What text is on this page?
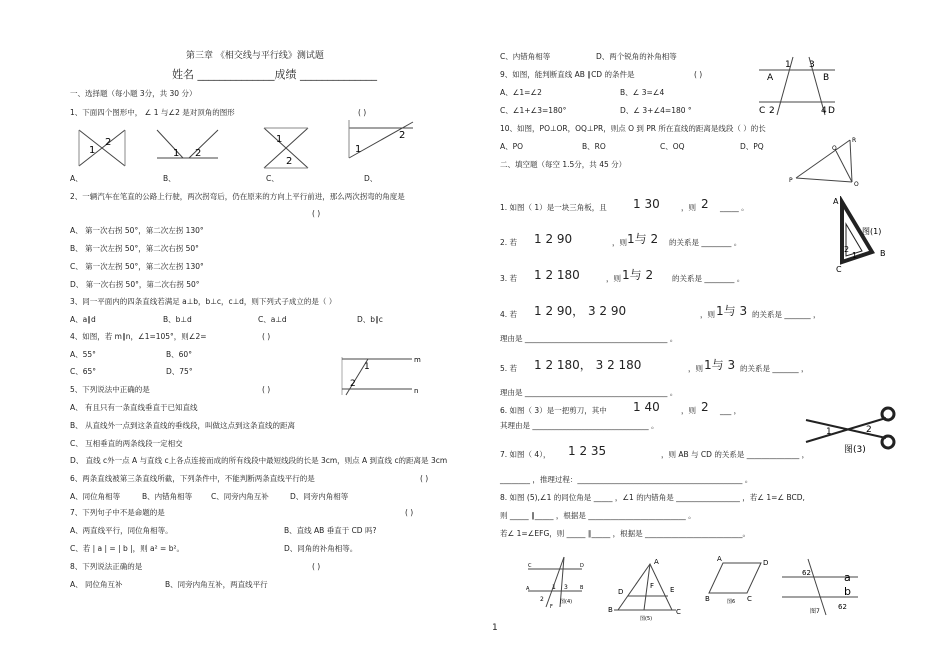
第三章 《相交线与平行线》测试题
姓名 ______________成绩 ______________
一、选择题（每小题 3分，共 30 分）
1、下面四个图形中， ∠ 1 与∠2 是对顶角的图形	( )
1
2
1 2
1
2
2
1
A、	B、	C、	D、
2、一辆汽车在笔直的公路上行驶，两次拐弯后，仍在原来的方向上平行前进，那么两次拐弯的角度是
( )
A、 第一次右拐 50°，第二次左拐 130°
B、 第一次左拐 50°，第二次右拐 50°
C、 第一次左拐 50°，第二次左拐 130°
D、 第一次右拐 50°，第二次右拐 50°
3、同一平面内的四条直线若满足 a⊥b，b⊥c，c⊥d，则下列式子成立的是（ ）
A、a∥d	B、b⊥d	C、a⊥d	D、b∥c
4、如图，若 m∥n，∠1=105°，则∠2=	( )
A、55°	B、60°
C、65°	D、75°	1
2
m
n
5、下列说法中正确的是	( )
A、 有且只有一条直线垂直于已知直线
B、 从直线外一点到这条直线的垂线段，叫做这点到这条直线的距离
C、 互相垂直的两条线段一定相交
D、 直线 c外一点 A 与直线 c上各点连接而成的所有线段中最短线段的长是 3cm，则点 A 到直线 c的距离是 3cm
6、两条直线被第三条直线所截，下列条件中，不能判断两条直线平行的是	( )
A、同位角相等	B、内错角相等	C、同旁内角互补	D、同旁内角相等
7、下列句子中不是命题的是	( )
A、两直线平行，同位角相等。	B、直线 AB 垂直于 CD 吗?
C、若 | a | = | b |，则 a² = b²。	D、同角的补角相等。
8、下列说法正确的是	( )
A、 同位角互补	B、同旁内角互补，两直线平行
C、内错角相等	D、两个锐角的补角相等
9、如图，能判断直线 AB ∥CD 的条件是	( )
A、∠1=∠2	B、∠ 3=∠4
C、∠1+∠3=180°	D、∠ 3+∠4=180 °
A
1 3
B
C 2	4 D
10、如图，PO⊥OR，OQ⊥PR，则点 O 到 PR 所在直线的距离是线段（ ）的长
A、PO	B、RO	C、OQ	D、PQ
R
Q
P
O
二、填空题（每空 1.5分，共 45 分）
1. 如图（ 1）是一块三角板，且 1 30	，则 2 _____ 。
A
图(1)
2
1	B
C
2. 若 1 2 90	，则 1与 2 的关系是 ________ 。
3. 若 1 2 180	，则 1与 2	的关系是 ________ 。
4. 若 1 2 90， 3 2 90	，则 1与 3 的关系是 _______ ，
理由是 ______________________________________ 。
5. 若 1 2 180， 3 2 180	，则 1与 3 的关系是 _______ ，
理由是 ______________________________________ 。
6. 如图（ 3）是一把剪刀，其中 1 40	，则 2 ___ ，
其理由是 _______________________________ 。
1	2
图(3)
7. 如图（ 4）， 1 2 35	，则 AB 与 CD 的关系是 ______________ ，
________ ，推理过程：____________________________________________ 。
8. 如图 (5),∠1 的同位角是 _____ ，∠1 的内错角是 _________________ ，若∠ 1=∠ BCD,
则 _____ ∥_____ ，根据是 __________________________ 。
若∠ 1=∠EFG，则 _____ ∥_____ ，根据是 __________________________。
C
A	1 3 B
D
2
F
图(4)
A
F E
D
B	C
图(5)
A	D
B	C
图6
62	a
b
62
图7
1
